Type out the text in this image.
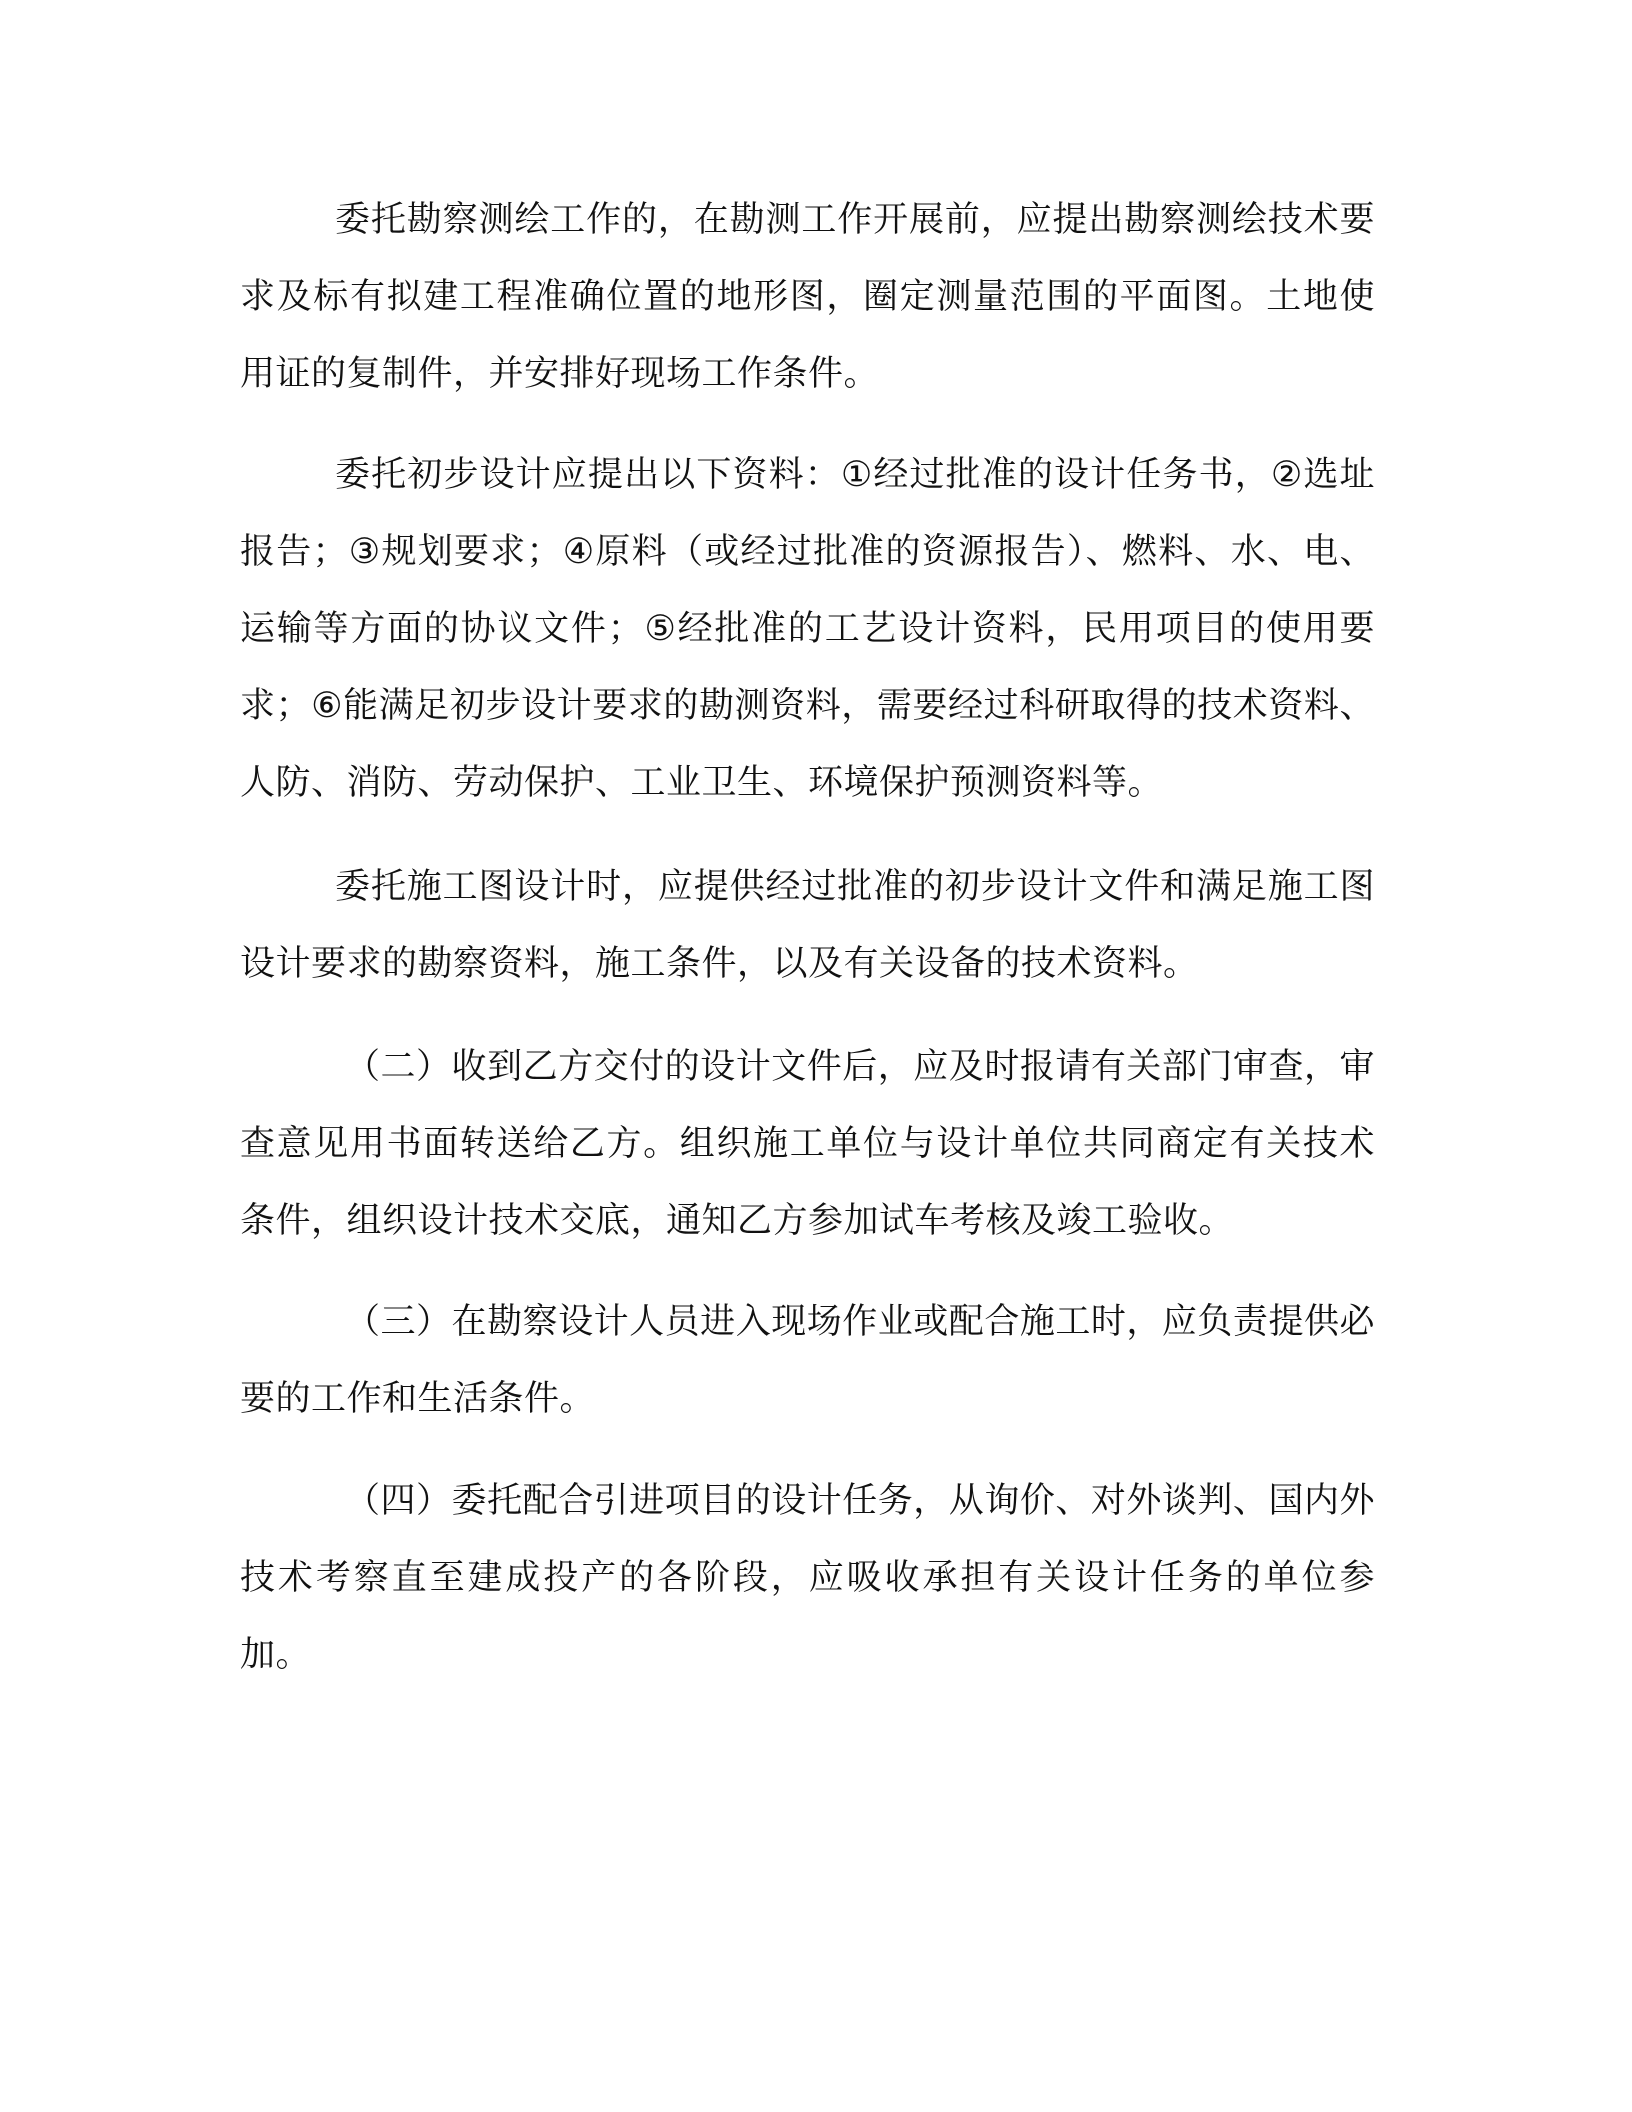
委托勘察测绘工作的，在勘测工作开展前，应提出勘察测绘技术要求及标有拟建工程准确位置的地形图，圈定测量范围的平面图。土地使用证的复制件，并安排好现场工作条件。

委托初步设计应提出以下资料：①经过批准的设计任务书，②选址报告；③规划要求；④原料（或经过批准的资源报告）、燃料、水、电、运输等方面的协议文件；⑤经批准的工艺设计资料，民用项目的使用要求；⑥能满足初步设计要求的勘测资料，需要经过科研取得的技术资料、人防、消防、劳动保护、工业卫生、环境保护预测资料等。

委托施工图设计时，应提供经过批准的初步设计文件和满足施工图设计要求的勘察资料，施工条件，以及有关设备的技术资料。

（二）收到乙方交付的设计文件后，应及时报请有关部门审查，审查意见用书面转送给乙方。组织施工单位与设计单位共同商定有关技术条件，组织设计技术交底，通知乙方参加试车考核及竣工验收。

（三）在勘察设计人员进入现场作业或配合施工时，应负责提供必要的工作和生活条件。

（四）委托配合引进项目的设计任务，从询价、对外谈判、国内外技术考察直至建成投产的各阶段，应吸收承担有关设计任务的单位参加。
